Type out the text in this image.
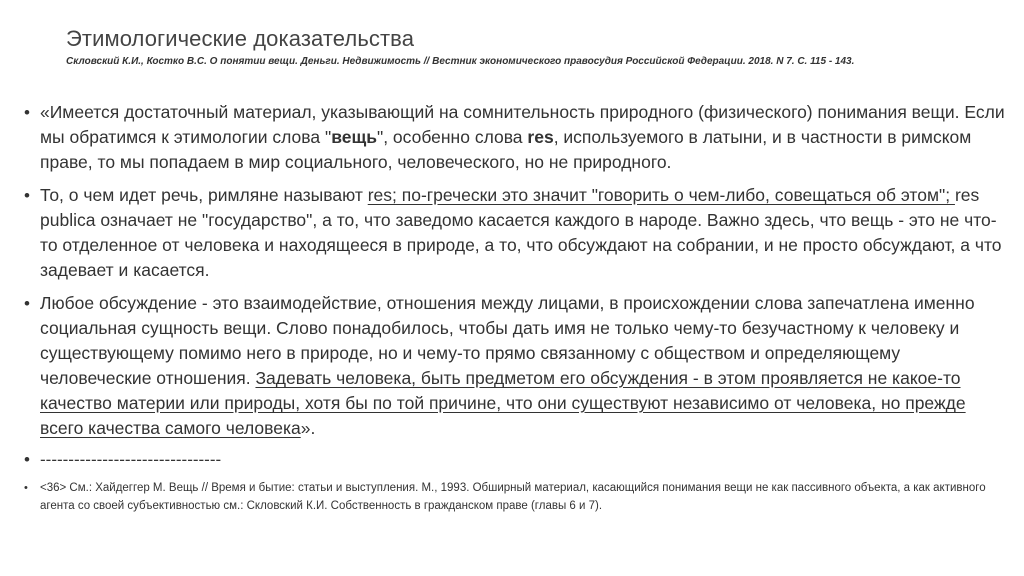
Этимологические доказательства
Скловский К.И., Костко В.С. О понятии вещи. Деньги. Недвижимость // Вестник экономического правосудия Российской Федерации. 2018. N 7. С. 115 - 143.
• «Имеется достаточный материал, указывающий на сомнительность природного (физического) понимания вещи. Если мы обратимся к этимологии слова "вещь", особенно слова res, используемого в латыни, и в частности в римском праве, то мы попадаем в мир социального, человеческого, но не природного.
• То, о чем идет речь, римляне называют res; по-гречески это значит "говорить о чем-либо, совещаться об этом"; res publica означает не "государство", а то, что заведомо касается каждого в народе. Важно здесь, что вещь - это не что-то отделенное от человека и находящееся в природе, а то, что обсуждают на собрании, и не просто обсуждают, а что задевает и касается.
• Любое обсуждение - это взаимодействие, отношения между лицами, в происхождении слова запечатлена именно социальная сущность вещи. Слово понадобилось, чтобы дать имя не только чему-то безучастному к человеку и существующему помимо него в природе, но и чему-то прямо связанному с обществом и определяющему человеческие отношения. Задевать человека, быть предметом его обсуждения - в этом проявляется не какое-то качество материи или природы, хотя бы по той причине, что они существуют независимо от человека, но прежде всего качества самого человека».
• --------------------------------
• <36> См.: Хайдеггер М. Вещь // Время и бытие: статьи и выступления. М., 1993. Обширный материал, касающийся понимания вещи не как пассивного объекта, а как активного агента со своей субъективностью см.: Скловский К.И. Собственность в гражданском праве (главы 6 и 7).
